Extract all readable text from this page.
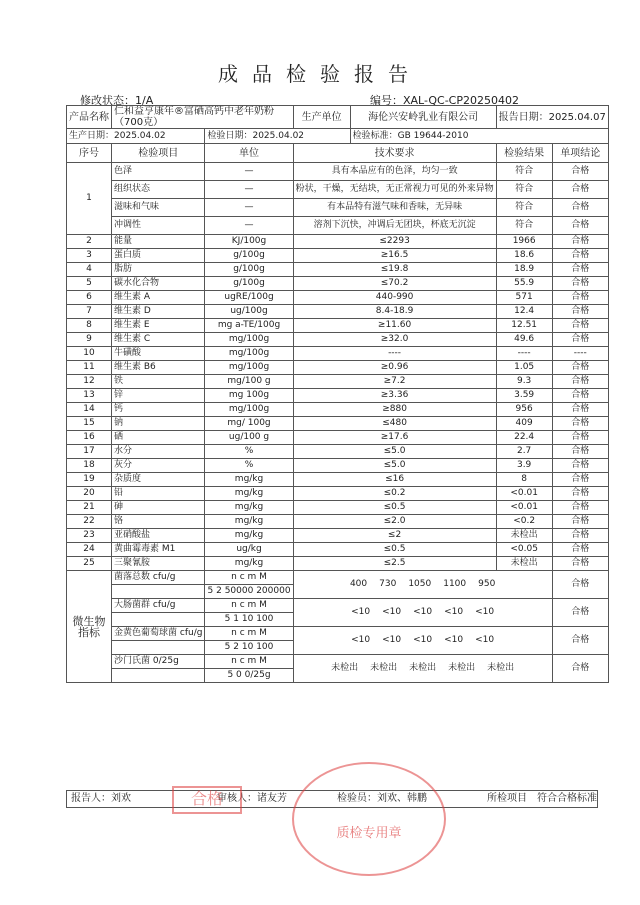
成品检验报告
修改状态：1/A	编号：XAL-QC-CP20250402
产品名称	仁和益亨康年®富硒高钙中老年奶粉（700克）		生产单位	海伦兴安岭乳业有限公司	报告日期：2025.04.07	
生产日期：2025.04.02		检验日期：2025.04.02		检验标准：GB 19644-2010		
序号	检验项目	单位	技术要求		检验结果	单项结论
1	色泽	—	具有本品应有的色泽，均匀一致		符合	合格
	组织状态	—	粉状，干燥，无结块，无正常视力可见的外来异物		符合	合格
	滋味和气味	—	有本品特有滋气味和香味，无异味		符合	合格
	冲调性	—	溶剂下沉快，冲调后无团块，杯底无沉淀		符合	合格
2	能量	KJ/100g	≤2293		1966	合格
3	蛋白质	g/100g	≥16.5		18.6	合格
4	脂肪	g/100g	≤19.8		18.9	合格
5	碳水化合物	g/100g	≤70.2		55.9	合格
6	维生素 A	ugRE/100g	440-990		571	合格
7	维生素 D	ug/100g	8.4-18.9		12.4	合格
8	维生素 E	mg a-TE/100g	≥11.60		12.51	合格
9	维生素 C	mg/100g	≥32.0		49.6	合格
10	牛磺酸	mg/100g	----		----	----
11	维生素 B6	mg/100g	≥0.96		1.05	合格
12	铁	mg/100 g	≥7.2		9.3	合格
13	锌	mg 100g	≥3.36		3.59	合格
14	钙	mg/100g	≥880		956	合格
15	钠	mg/ 100g	≤480		409	合格
16	硒	ug/100 g	≥17.6		22.4	合格
17	水分	%	≤5.0		2.7	合格
18	灰分	%	≤5.0		3.9	合格
19	杂质度	mg/kg	≤16		8	合格
20	铅	mg/kg	≤0.2		<0.01	合格
21	砷	mg/kg	≤0.5		<0.01	合格
22	铬	mg/kg	≤2.0		<0.2	合格
23	亚硝酸盐	mg/kg	≤2		未检出	合格
24	黄曲霉毒素 M1	ug/kg	≤0.5		<0.05	合格
25	三聚氰胺	mg/kg	≤2.5		未检出	合格
微生物指标	菌落总数 cfu/g	n c m M	400 730 1050 1100 950			合格
		5 2 50000 200000				
	大肠菌群 cfu/g	n c m M	<10 <10 <10 <10 <10			合格
		5 1 10 100				
	金黄色葡萄球菌 cfu/g	n c m M	<10 <10 <10 <10 <10			合格
		5 2 10 100				
	沙门氏菌 0/25g	n c m M	未检出 未检出 未检出 未检出 未检出			合格
		5 0 0/25g				
报告人：刘欢	审核人：诸友芳	检验员：刘欢、韩鹏	所检项目　符合合格标准
合格
质检专用章
